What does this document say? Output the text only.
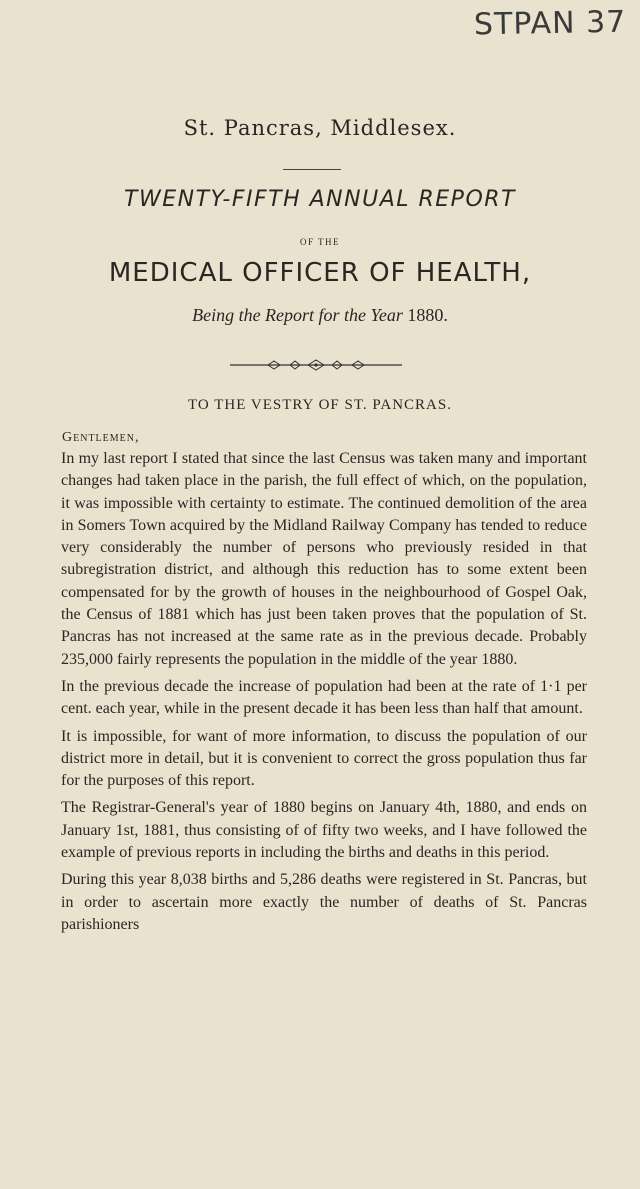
STPAN 37
St. Pancras, Middlesex.
TWENTY-FIFTH ANNUAL REPORT
OF THE
MEDICAL OFFICER OF HEALTH,
Being the Report for the Year 1880.
TO THE VESTRY OF ST. PANCRAS.
Gentlemen,

In my last report I stated that since the last Census was taken many and important changes had taken place in the parish, the full effect of which, on the population, it was impossible with certainty to estimate. The continued demolition of the area in Somers Town acquired by the Midland Railway Company has tended to reduce very considerably the number of persons who previously resided in that subregistration district, and although this reduction has to some extent been compensated for by the growth of houses in the neighbourhood of Gospel Oak, the Census of 1881 which has just been taken proves that the population of St. Pancras has not increased at the same rate as in the previous decade. Probably 235,000 fairly represents the population in the middle of the year 1880.

In the previous decade the increase of population had been at the rate of 1·1 per cent. each year, while in the present decade it has been less than half that amount.

It is impossible, for want of more information, to discuss the population of our district more in detail, but it is convenient to correct the gross population thus far for the purposes of this report.

The Registrar-General's year of 1880 begins on January 4th, 1880, and ends on January 1st, 1881, thus consisting of of fifty two weeks, and I have followed the example of previous reports in including the births and deaths in this period.

During this year 8,038 births and 5,286 deaths were registered in St. Pancras, but in order to ascertain more exactly the number of deaths of St. Pancras parishioners
